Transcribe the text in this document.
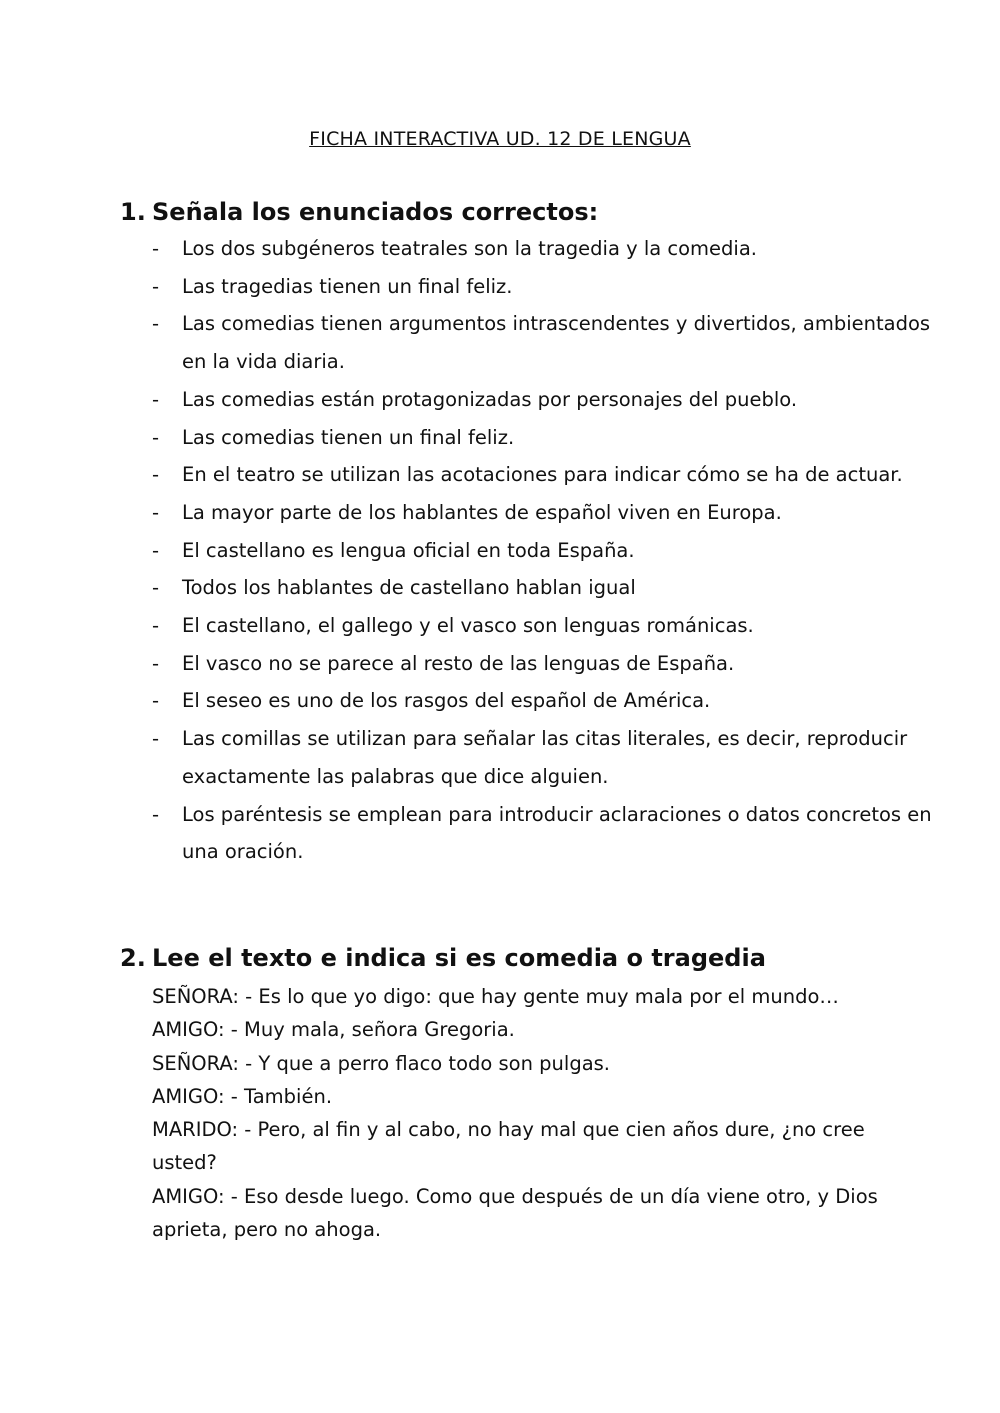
FICHA INTERACTIVA UD. 12 DE LENGUA
1. Señala los enunciados correctos:
- Los dos subgéneros teatrales son la tragedia y la comedia.
- Las tragedias tienen un final feliz.
- Las comedias tienen argumentos intrascendentes y divertidos, ambientados en la vida diaria.
- Las comedias están protagonizadas por personajes del pueblo.
- Las comedias tienen un final feliz.
- En el teatro se utilizan las acotaciones para indicar cómo se ha de actuar.
- La mayor parte de los hablantes de español viven en Europa.
- El castellano es lengua oficial en toda España.
- Todos los hablantes de castellano hablan igual
- El castellano, el gallego y el vasco son lenguas románicas.
- El vasco no se parece al resto de las lenguas de España.
- El seseo es uno de los rasgos del español de América.
- Las comillas se utilizan para señalar las citas literales, es decir, reproducir exactamente las palabras que dice alguien.
- Los paréntesis se emplean para introducir aclaraciones o datos concretos en una oración.
2. Lee el texto e indica si es comedia o tragedia

SEÑORA: - Es lo que yo digo: que hay gente muy mala por el mundo…

AMIGO: - Muy mala, señora Gregoria.

SEÑORA: - Y que a perro flaco todo son pulgas.

AMIGO: - También.

MARIDO: - Pero, al fin y al cabo, no hay mal que cien años dure, ¿no cree usted?

AMIGO: - Eso desde luego. Como que después de un día viene otro, y Dios aprieta, pero no ahoga.
